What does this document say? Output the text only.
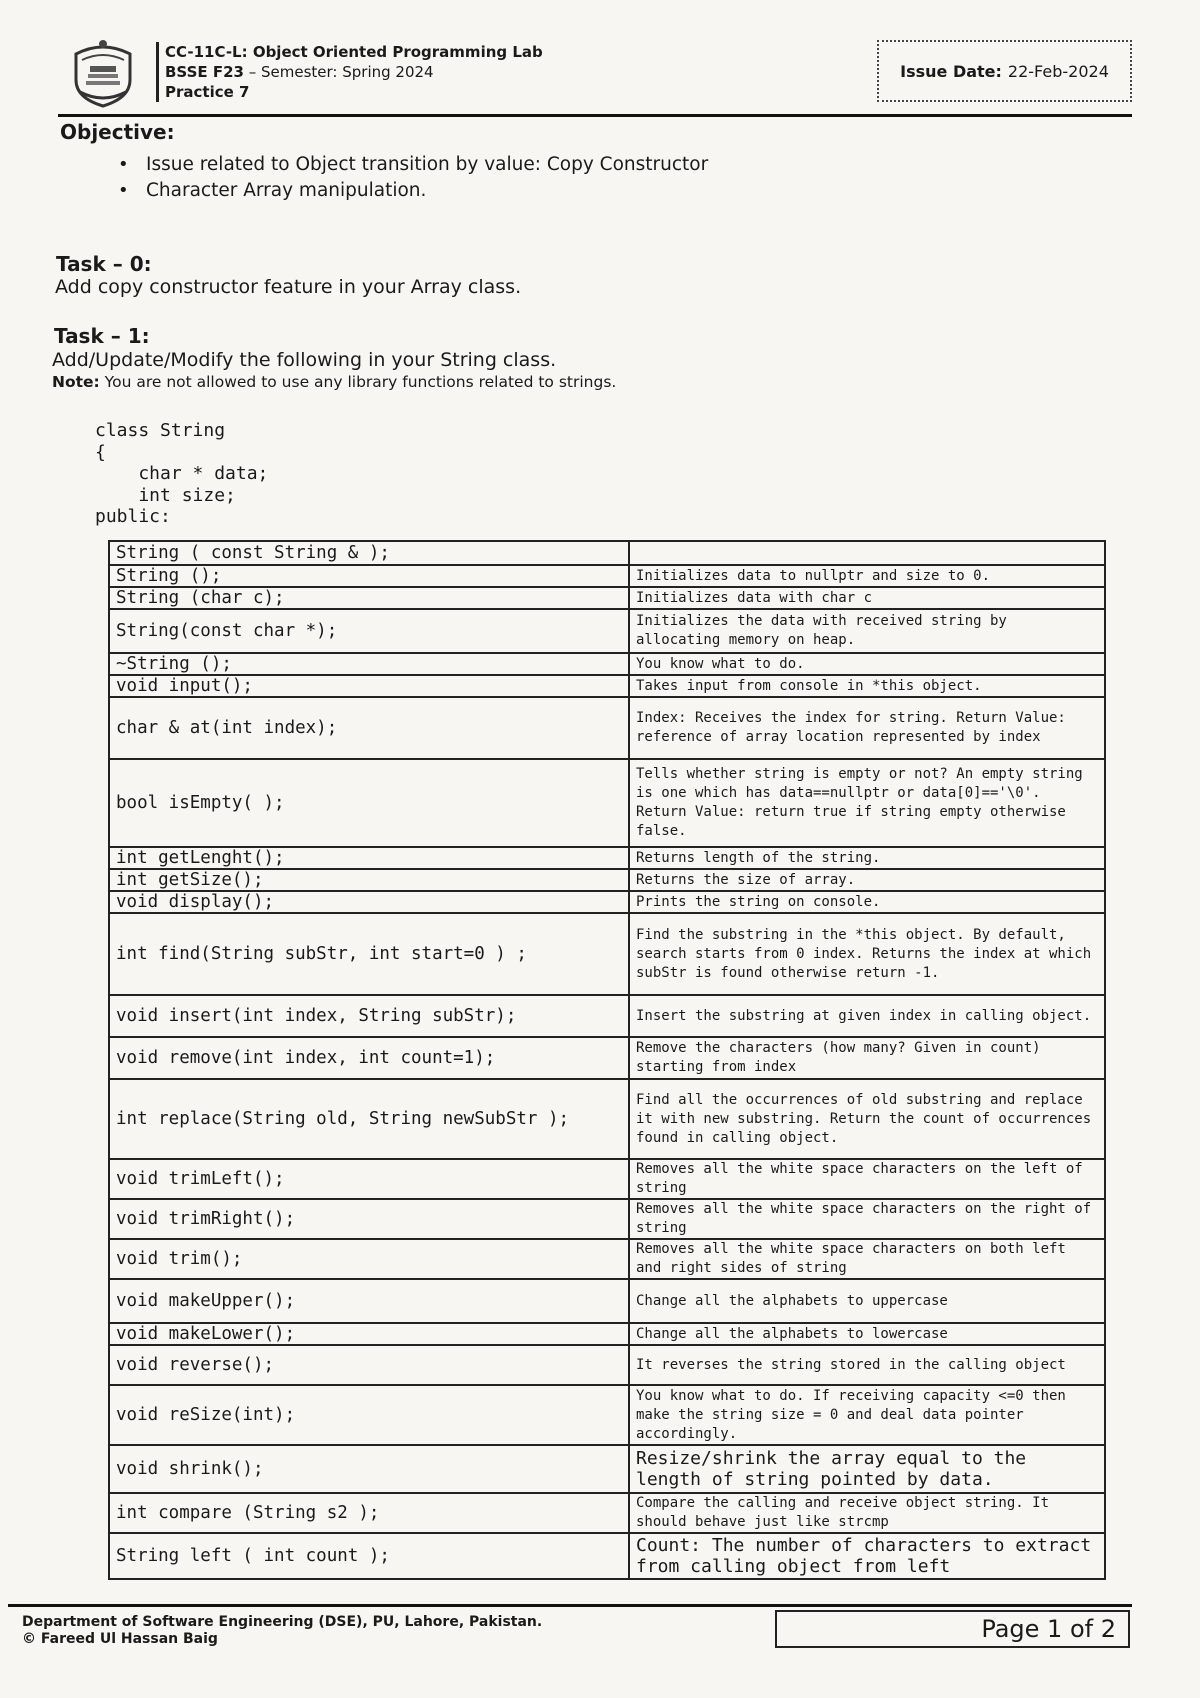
CC-11C-L: Object Oriented Programming Lab
BSSE F23 – Semester: Spring 2024
Practice 7
Issue Date: 22-Feb-2024
Objective:
• Issue related to Object transition by value: Copy Constructor
• Character Array manipulation.
Task – 0:
Add copy constructor feature in your Array class.
Task – 1:
Add/Update/Modify the following in your String class.
Note: You are not allowed to use any library functions related to strings.
class String
{
char * data;
int size;
public:
String ( const String & );	
String ();	Initializes data to nullptr and size to 0.
String (char c);	Initializes data with char c
String(const char *);	Initializes the data with received string by allocating memory on heap.
~String ();	You know what to do.
void input();	Takes input from console in *this object.
char & at(int index);	Index: Receives the index for string. Return Value: reference of array location represented by index
bool isEmpty( );	Tells whether string is empty or not? An empty string is one which has data==nullptr or data[0]=='\0'. Return Value: return true if string empty otherwise false.
int getLenght();	Returns length of the string.
int getSize();	Returns the size of array.
void display();	Prints the string on console.
int find(String subStr, int start=0 ) ;	Find the substring in the *this object. By default, search starts from 0 index. Returns the index at which subStr is found otherwise return -1.
void insert(int index, String subStr);	Insert the substring at given index in calling object.
void remove(int index, int count=1);	Remove the characters (how many? Given in count) starting from index
int replace(String old, String newSubStr );	Find all the occurrences of old substring and replace it with new substring. Return the count of occurrences found in calling object.
void trimLeft();	Removes all the white space characters on the left of string
void trimRight();	Removes all the white space characters on the right of string
void trim();	Removes all the white space characters on both left and right sides of string
void makeUpper();	Change all the alphabets to uppercase
void makeLower();	Change all the alphabets to lowercase
void reverse();	It reverses the string stored in the calling object
void reSize(int);	You know what to do. If receiving capacity <=0 then make the string size = 0 and deal data pointer accordingly.
void shrink();	Resize/shrink the array equal to the length of string pointed by data.
int compare (String s2 );	Compare the calling and receive object string. It should behave just like strcmp
String left ( int count );	Count: The number of characters to extract from calling object from left
Department of Software Engineering (DSE), PU, Lahore, Pakistan.
© Fareed Ul Hassan Baig	Page 1 of 2
